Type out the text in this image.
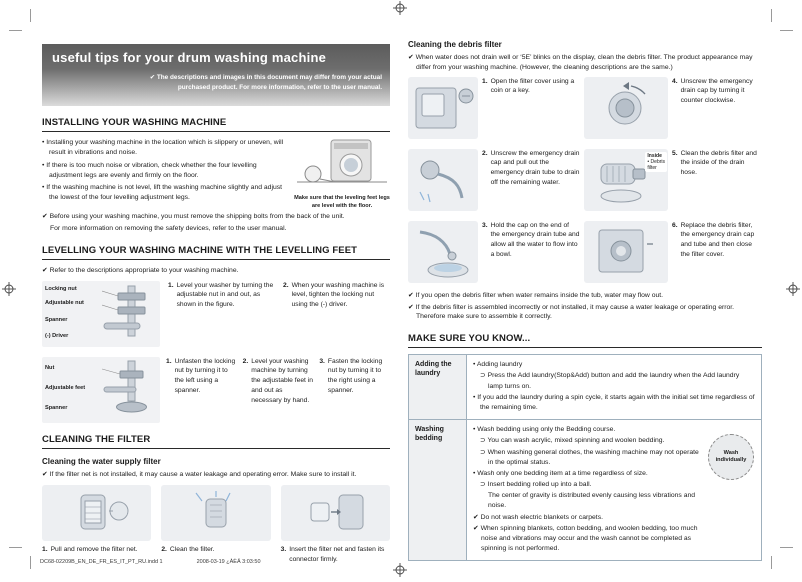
useful tips for your drum washing machine
✔ The descriptions and images in this document may differ from your actual
purchased product. For more information, refer to the user manual.
INSTALLING YOUR WASHING MACHINE
• Installing your washing machine in the location which is slippery or uneven, will result in vibrations and noise.
• If there is too much noise or vibration, check whether the four levelling adjustment legs are evenly and firmly on the floor.
• If the washing machine is not level, lift the washing machine slightly and adjust the lowest of the four levelling adjustment legs.	Make sure that the leveling feet legs are level with the floor.

✔ Before using your washing machine, you must remove the shipping bolts from the back of the unit.

For more information on removing the safety devices, refer to the user manual.

LEVELLING YOUR WASHING MACHINE WITH THE LEVELLING FEET

✔ Refer to the descriptions appropriate to your washing machine.

Locking nut
Adjustable nut
Spanner
(-) Driver
1. Level your washer by turning the adjustable nut in and out, as shown in the figure.
2. When your washing machine is level, tighten the locking nut using the (-) driver.
Nut
Adjustable feet
Spanner
1. Unfasten the locking nut by turning it to the left using a spanner.
2. Level your washing machine by turning the adjustable feet in and out as necessary by hand.
3. Fasten the locking nut by turning it to the right using a spanner.
CLEANING THE FILTER
Cleaning the water supply filter

✔ If the filter net is not installed, it may cause a water leakage and operating error. Make sure to install it.

1. Pull and remove the filter net.	2. Clean the filter.	3. Insert the filter net and fasten its connector firmly.
Cleaning the debris filter

✔ When water does not drain well or ‘5E’ blinks on the display, clean the debris filter. The product appearance may differ from your washing machine. (However, the cleaning descriptions are the same.)

1. Open the filter cover using a coin or a key.
4. Unscrew the emergency drain cap by turning it counter clockwise.
2. Unscrew the emergency drain cap and pull out the emergency drain tube to drain off the remaining water.
Inside
• Debris
filter
5. Clean the debris filter and the inside of the drain hose.
3. Hold the cap on the end of the emergency drain tube and allow all the water to flow into a bowl.
6. Replace the debris filter, the emergency drain cap and tube and then close the filter cover.

✔ If you open the debris filter when water remains inside the tub, water may flow out.

✔ If the debris filter is assembled incorrectly or not installed, it may cause a water leakage or operating error. Therefore make sure to assemble it correctly.

MAKE SURE YOU KNOW...
Adding the laundry	• Adding laundry
⊃ Press the Add laundry(Stop&Add) button and add the laundry when the Add laundry lamp turns on.
• If you add the laundry during a spin cycle, it starts again with the initial set time regardless of the remaining time.

Washing bedding	
• Wash bedding using only the Bedding course.
⊃ You can wash acrylic, mixed spinning and woolen bedding.
⊃ When washing general clothes, the washing machine may not operate in the optimal status.
• Wash only one bedding item at a time regardless of size.
⊃ Insert bedding rolled up into a ball.
The center of gravity is distributed evenly causing less vibrations and noise.
✔ Do not wash electric blankets or carpets.
✔ When spinning blankets, cotton bedding, and woolen bedding, too much noise and vibrations may occur and the wash cannot be completed as spinning is not performed.
Wash
individually
DC68-02209B_EN_DE_FR_ES_IT_PT_RU.indd 1	2008-03-19 ¿ÀÈÄ 3:03:50
